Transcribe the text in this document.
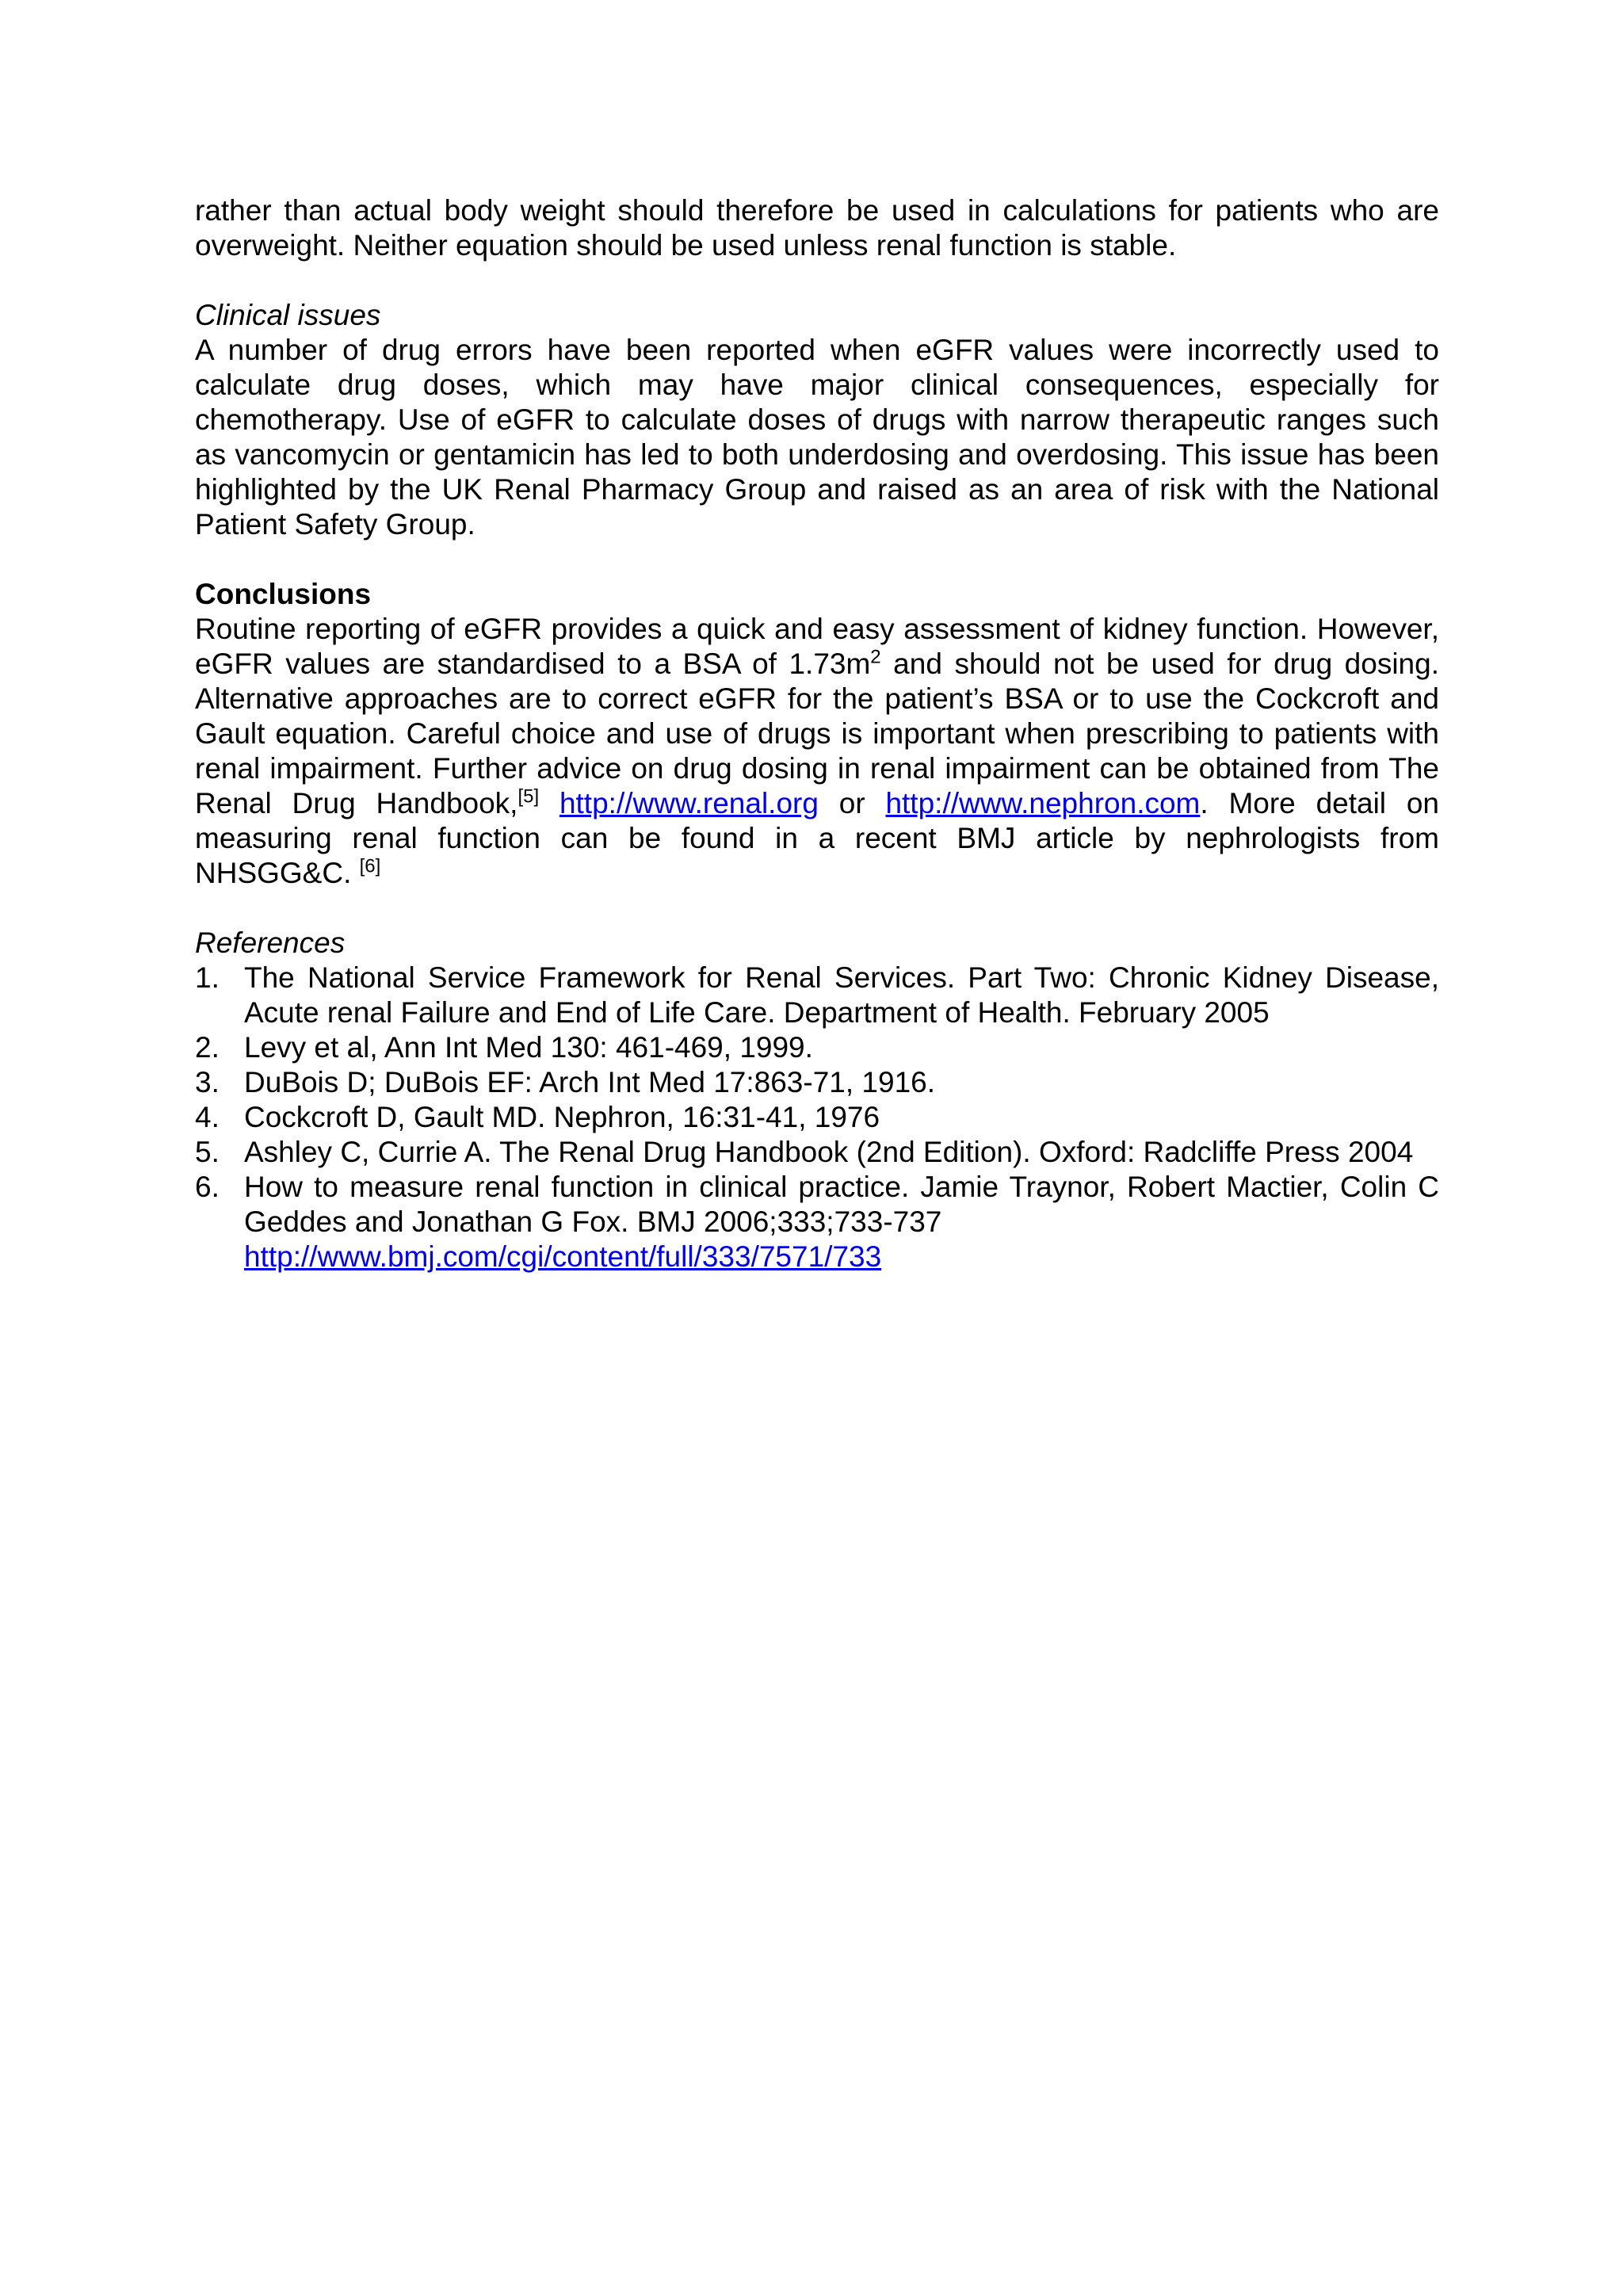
rather than actual body weight should therefore be used in calculations for patients who are overweight. Neither equation should be used unless renal function is stable.

Clinical issues

A number of drug errors have been reported when eGFR values were incorrectly used to calculate drug doses, which may have major clinical consequences, especially for chemotherapy. Use of eGFR to calculate doses of drugs with narrow therapeutic ranges such as vancomycin or gentamicin has led to both underdosing and overdosing. This issue has been highlighted by the UK Renal Pharmacy Group and raised as an area of risk with the National Patient Safety Group.

Conclusions

Routine reporting of eGFR provides a quick and easy assessment of kidney function. However, eGFR values are standardised to a BSA of $1.73m^2$ and should not be used for drug dosing. Alternative approaches are to correct eGFR for the patient’s BSA or to use the Cockcroft and Gault equation. Careful choice and use of drugs is important when prescribing to patients with renal impairment. Further advice on drug dosing in renal impairment can be obtained from The Renal Drug Handbook,[5] http://www.renal.org or http://www.nephron.com. More detail on measuring renal function can be found in a recent BMJ article by nephrologists from NHSGG&C. [6]

References

1. The National Service Framework for Renal Services. Part Two: Chronic Kidney Disease, Acute renal Failure and End of Life Care. Department of Health. February 2005
2. Levy et al, Ann Int Med 130: 461-469, 1999.
3. DuBois D; DuBois EF: Arch Int Med 17:863-71, 1916.
4. Cockcroft D, Gault MD. Nephron, 16:31-41, 1976
5. Ashley C, Currie A. The Renal Drug Handbook (2nd Edition). Oxford: Radcliffe Press 2004
6. How to measure renal function in clinical practice. Jamie Traynor, Robert Mactier, Colin C Geddes and Jonathan G Fox. BMJ 2006;333;733-737
http://www.bmj.com/cgi/content/full/333/7571/733
